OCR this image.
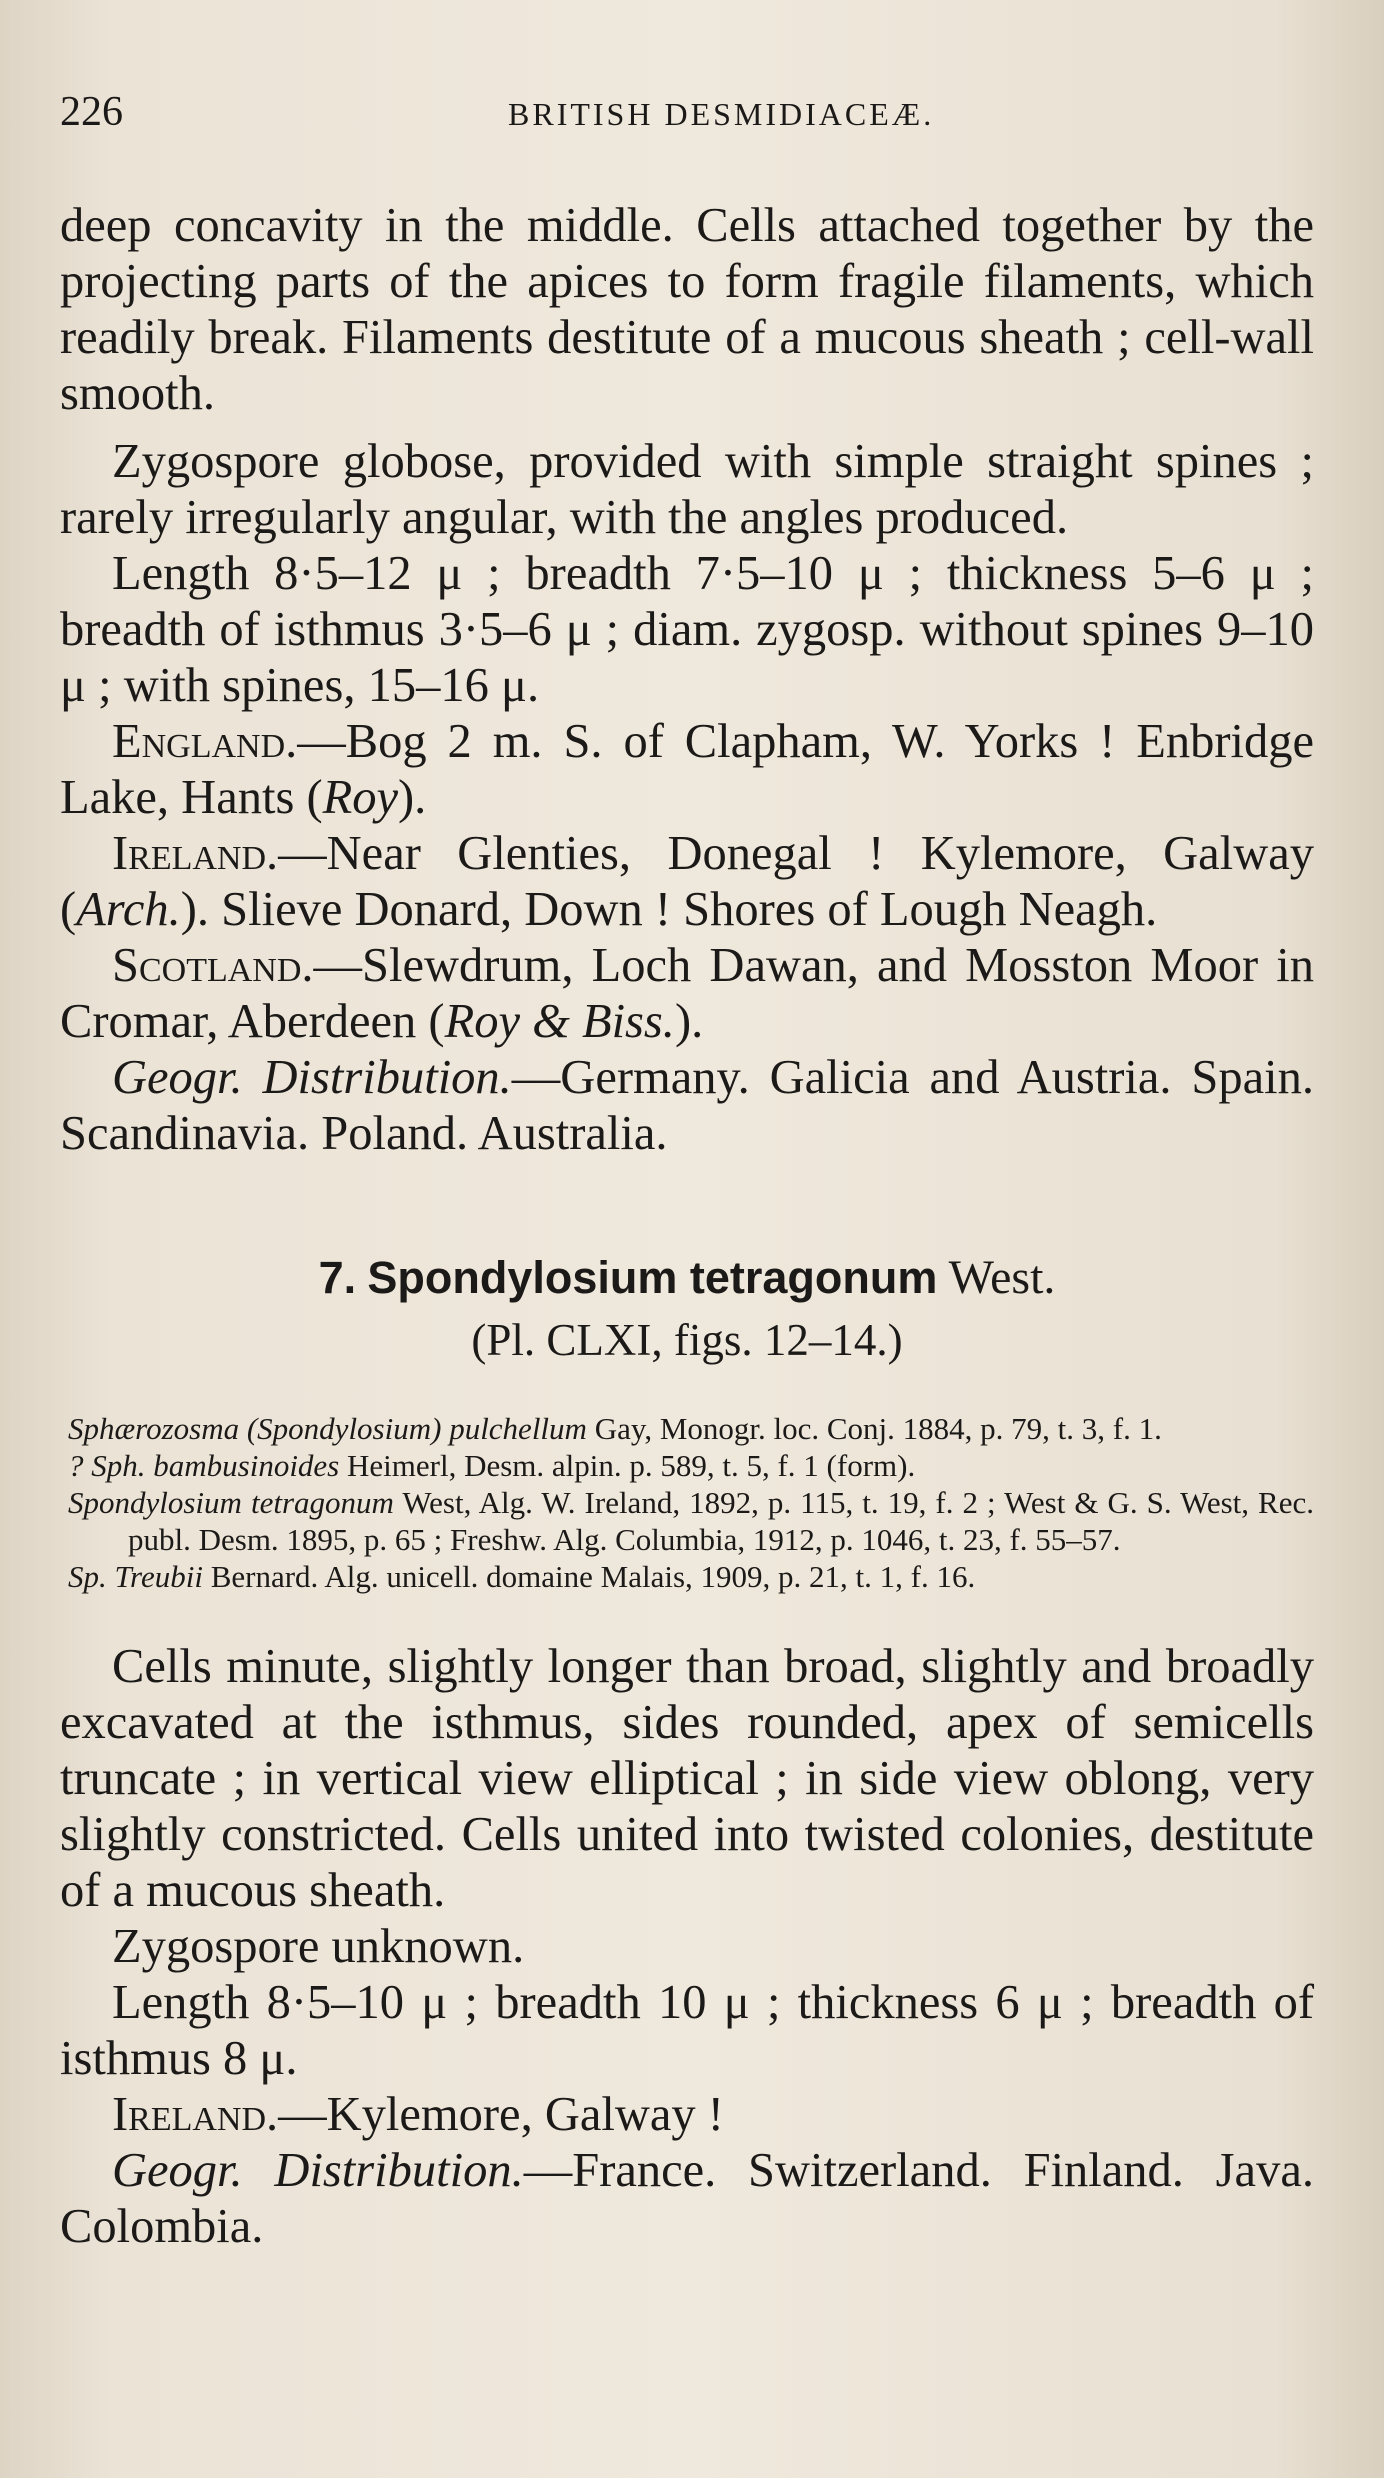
226	BRITISH DESMIDIACEÆ.

deep concavity in the middle. Cells attached together by the projecting parts of the apices to form fragile filaments, which readily break. Filaments destitute of a mucous sheath ; cell-wall smooth.

Zygospore globose, provided with simple straight spines ; rarely irregularly angular, with the angles produced.

Length 8·5–12 μ ; breadth 7·5–10 μ ; thickness 5–6 μ ; breadth of isthmus 3·5–6 μ ; diam. zygosp. without spines 9–10 μ ; with spines, 15–16 μ.

England.—Bog 2 m. S. of Clapham, W. Yorks ! Enbridge Lake, Hants (Roy).

Ireland.—Near Glenties, Donegal ! Kylemore, Galway (Arch.). Slieve Donard, Down ! Shores of Lough Neagh.

Scotland.—Slewdrum, Loch Dawan, and Mosston Moor in Cromar, Aberdeen (Roy & Biss.).

Geogr. Distribution.—Germany. Galicia and Austria. Spain. Scandinavia. Poland. Australia.

7. Spondylosium tetragonum West.
(Pl. CLXI, figs. 12–14.)

Sphærozosma (Spondylosium) pulchellum Gay, Monogr. loc. Conj. 1884, p. 79, t. 3, f. 1.

? Sph. bambusinoides Heimerl, Desm. alpin. p. 589, t. 5, f. 1 (form).

Spondylosium tetragonum West, Alg. W. Ireland, 1892, p. 115, t. 19, f. 2 ; West & G. S. West, Rec. publ. Desm. 1895, p. 65 ; Freshw. Alg. Columbia, 1912, p. 1046, t. 23, f. 55–57.

Sp. Treubii Bernard. Alg. unicell. domaine Malais, 1909, p. 21, t. 1, f. 16.

Cells minute, slightly longer than broad, slightly and broadly excavated at the isthmus, sides rounded, apex of semicells truncate ; in vertical view elliptical ; in side view oblong, very slightly constricted. Cells united into twisted colonies, destitute of a mucous sheath.

Zygospore unknown.

Length 8·5–10 μ ; breadth 10 μ ; thickness 6 μ ; breadth of isthmus 8 μ.

Ireland.—Kylemore, Galway !

Geogr. Distribution.—France. Switzerland. Finland. Java. Colombia.
